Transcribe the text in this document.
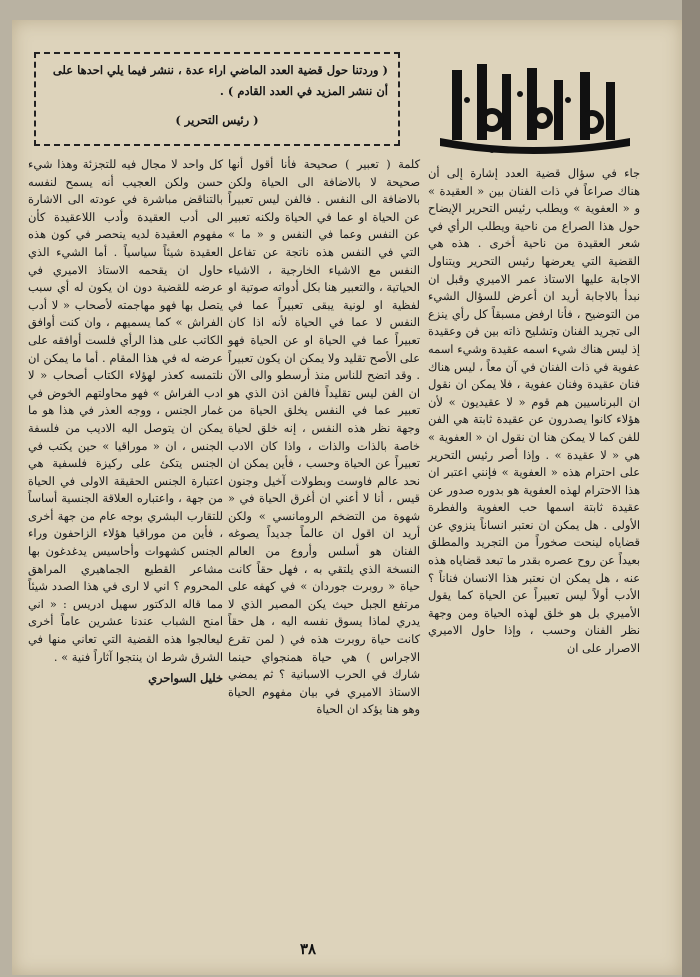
( وردتنا حول قضية العدد الماضي اراء عدة ، ننشر فيما يلي احدها على أن ننشر المزيد في العدد القادم ) .

( رئيس التحرير )

جاء في سؤال قضية العدد إشارة إلى أن هناك صراعاً في ذات الفنان بين « العقيدة » و « العفوية » ويطلب رئيس التحرير الإيضاح حول هذا الصراع من ناحية ويطلب الرأي في شعر العقيدة من ناحية أخرى . هذه هي القضية التي يعرضها رئيس التحرير ويتناول الاجابة عليها الاستاذ عمر الاميري وقبل ان نبدأ بالاجابة أريد ان أعرض للسؤال الشيء من التوضيح ، فأنا ارفض مسبقاً كل رأي ينزع الى تجريد الفنان وتشليح ذاته بين فن وعقيدة إذ ليس هناك شيء اسمه عقيدة وشيء اسمه عفوية في ذات الفنان في آن معاً ، ليس هناك فنان عقيدة وفنان عفوية ، فلا يمكن ان نقول ان البرناسيين هم قوم « لا عقيديون » لأن هؤلاء كانوا يصدرون عن عقيدة ثابتة هي الفن للفن كما لا يمكن هنا ان نقول ان « العفوية » هي « لا عقيدة » . وإذا أصر رئيس التحرير على احترام هذه « العفوية » فإنني اعتبر ان هذا الاحترام لهذه العفوية هو بدوره صدور عن عقيدة ثابتة اسمها حب العفوية والفطرة الأولى . هل يمكن ان نعتبر انساناً ينزوي عن قضاياه لينحت صخوراً من التجريد والمطلق بعيداً عن روح عصره بقدر ما تبعد قضاياه هذه عنه ، هل يمكن ان نعتبر هذا الانسان فناناً ؟ الأدب أولاً ليس تعبيراً عن الحياة كما يقول الأميري بل هو خلق لهذه الحياة ومن وجهة نظر الفنان وحسب ، وإذا حاول الاميري الاصرار على ان

كلمة ( تعبير ) صحيحة فأنا أقول أنها صحيحة لا بالاضافة الى الحياة ولكن بالاضافة الى النفس . فالفن ليس تعبيراً عن الحياة او عما في الحياة ولكنه تعبير عن النفس وعما في النفس و « ما » التي في النفس هذه ناتجة عن تفاعل النفس مع الاشياء الخارجية ، الاشياء الحياتية ، والتعبير هنا بكل أدواته صوتية او لفظية او لونية يبقى تعبيراً عما في النفس لا عما في الحياة لأنه اذا كان تعبيراً عما في الحياة او عن الحياة فهو على الأصح تقليد ولا يمكن ان يكون تعبيراً . وقد اتضح للناس منذ أرسطو والى الآن ان الفن ليس تقليداً فالفن اذن الذي هو تعبير عما في النفس يخلق الحياة من وجهة نظر هذه النفس ، إنه خلق لحياة خاصة بالذات والذات ، واذا كان الادب تعبيراً عن الحياة وحسب ، فأين يمكن ان نحد عالم فاوست وبطولات آخيل وجنون قيس ، أنا لا أعني ان أغرق الحياة في « شهوة من التضخم الرومانسي » ولكن أريد ان اقول ان عالماً جديداً يصوغه الفنان هو أسلس وأروع من العالم النسخة الذي يلتقي به ، فهل حقاً كانت حياة « روبرت جوردان » في كهفه على مرتفع الجبل حيث يكن المصير الذي لا يدري لماذا يسوق نفسه اليه ، هل حقاً كانت حياة روبرت هذه في ( لمن تقرع الاجراس ) هي حياة همنجواي حينما شارك في الحرب الاسبانية ؟ ثم يمضي الاستاذ الاميري في بيان مفهوم الحياة وهو هنا يؤكد ان الحياة

كل واحد لا مجال فيه للتجزئة وهذا شيء حسن ولكن العجيب أنه يسمح لنفسه بالتناقض مباشرة في عودته الى الاشارة الى أدب العقيدة وأدب اللاعقيدة كأن مفهوم العقيدة لديه ينحصر في كون هذه العقيدة شيئاً سياسياً . أما الشيء الذي حاول ان يقحمه الاستاذ الاميري في عرضه للقضية دون ان يكون له أي سبب يتصل بها فهو مهاجمته لأصحاب « لا أدب الفراش » كما يسميهم ، وان كنت أوافق الكاتب على هذا الرأي فلست أوافقه على عرضه له في هذا المقام . أما ما يمكن ان نلتمسه كعذر لهؤلاء الكتاب أصحاب « لا ادب الفراش » فهو محاولتهم الخوض في غمار الجنس ، ووجه العذر في هذا هو ما يمكن ان يتوصل اليه الاديب من فلسفة الجنس ، ان « موراقيا » حين يكتب في الجنس يتكئ على ركيزة فلسفية هي اعتبارة الجنس الحقيقة الاولى في الحياة من جهة ، واعتباره العلاقة الجنسية أساساً للتقارب البشري بوجه عام من جهة أخرى ، فأين من موراقيا هؤلاء الزاحفون وراء الجنس كشهوات وأحاسيس يدغدغون بها مشاعر القطيع الجماهيري المراهق المحروم ؟ اني لا ارى في هذا الصدد شيئاً مما قاله الدكتور سهيل ادريس : « اني امنح الشباب عندنا عشرين عاماً أخرى ليعالجوا هذه القضية التي تعاني منها في الشرق شرط ان ينتجوا آثاراً فنية » .

خليل السواحري

٣٨
